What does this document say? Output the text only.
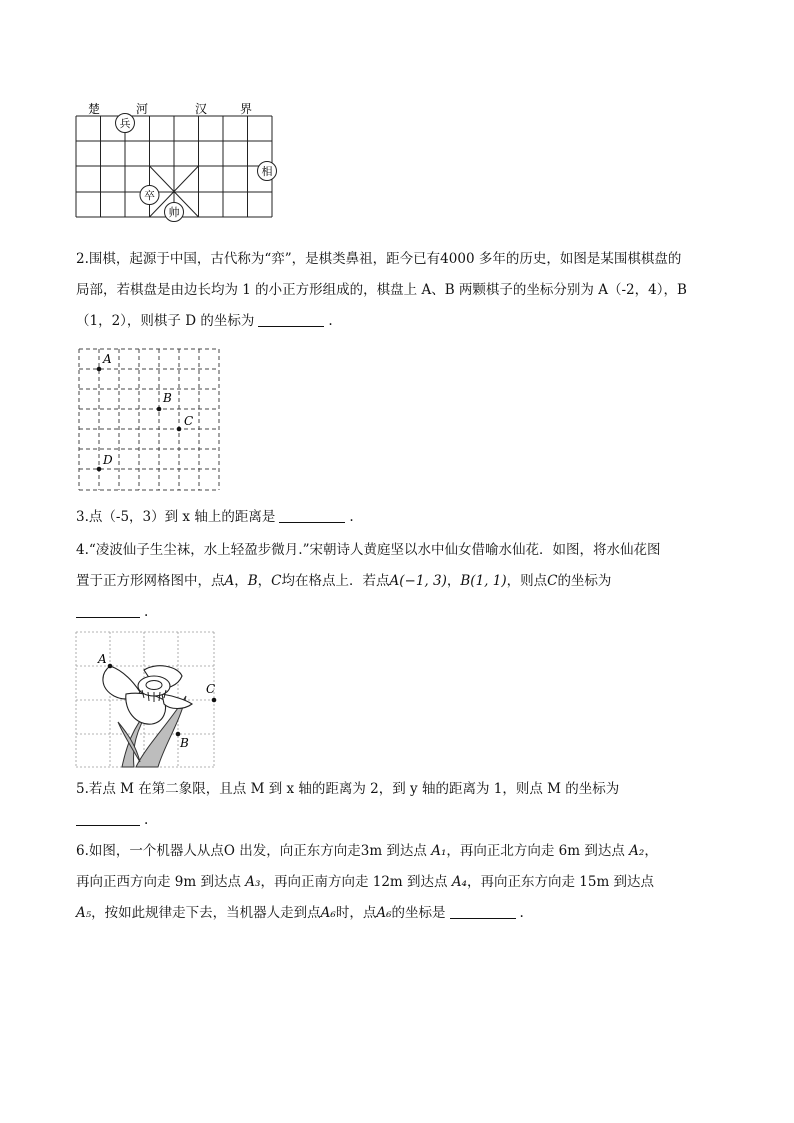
楚	河	汉	界
兵
相
卒
帅
2.围棋，起源于中国，古代称为“弈”，是棋类鼻祖，距今已有4000 多年的历史，如图是某围棋棋盘的
局部，若棋盘是由边长均为 1 的小正方形组成的，棋盘上 A、B 两颗棋子的坐标分别为 A（-2，4），B
（1，2），则棋子 D 的坐标为	.
A
B
C
D
3.点（-5，3）到 x 轴上的距离是	.
4.“凌波仙子生尘袜，水上轻盈步微月.”宋朝诗人黄庭坚以水中仙女借喻水仙花．如图，将水仙花图
置于正方形网格图中，点A，B，C均在格点上．若点A(−1, 3)，B(1, 1)，则点C的坐标为
.
A
B
C
5.若点 M 在第二象限，且点 M 到 x 轴的距离为 2，到 y 轴的距离为 1，则点 M 的坐标为
.
6.如图，一个机器人从点O 出发，向正东方向走3m 到达点 A₁，再向正北方向走 6m 到达点 A₂，
再向正西方向走 9m 到达点 A₃，再向正南方向走 12m 到达点 A₄，再向正东方向走 15m 到达点
A₅，按如此规律走下去，当机器人走到点A₆时，点A₆的坐标是	.
